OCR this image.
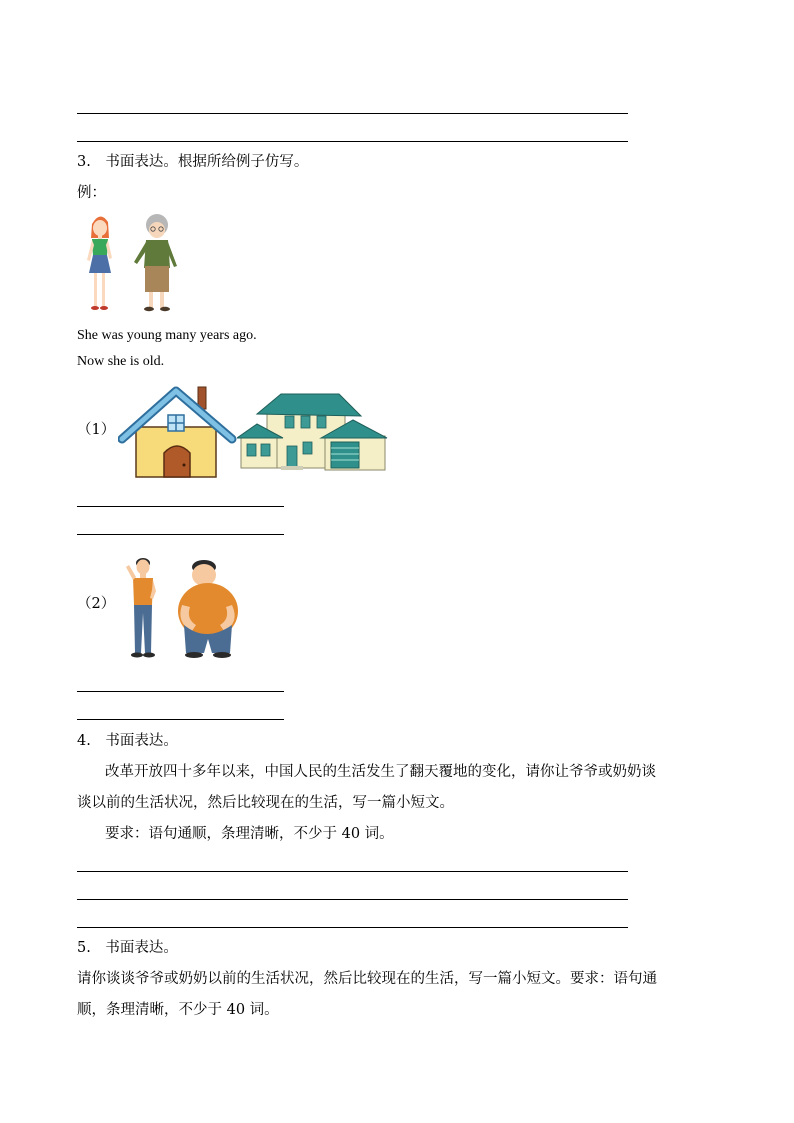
3.　书面表达。根据所给例子仿写。
例：
She was young many years ago.
Now she is old.
（1）
（2）
4.　书面表达。
改革开放四十多年以来，中国人民的生活发生了翻天覆地的变化，请你让爷爷或奶奶谈
谈以前的生活状况，然后比较现在的生活，写一篇小短文。
要求：语句通顺，条理清晰，不少于 40 词。
5.　书面表达。
请你谈谈爷爷或奶奶以前的生活状况，然后比较现在的生活，写一篇小短文。要求：语句通
顺，条理清晰，不少于 40 词。
